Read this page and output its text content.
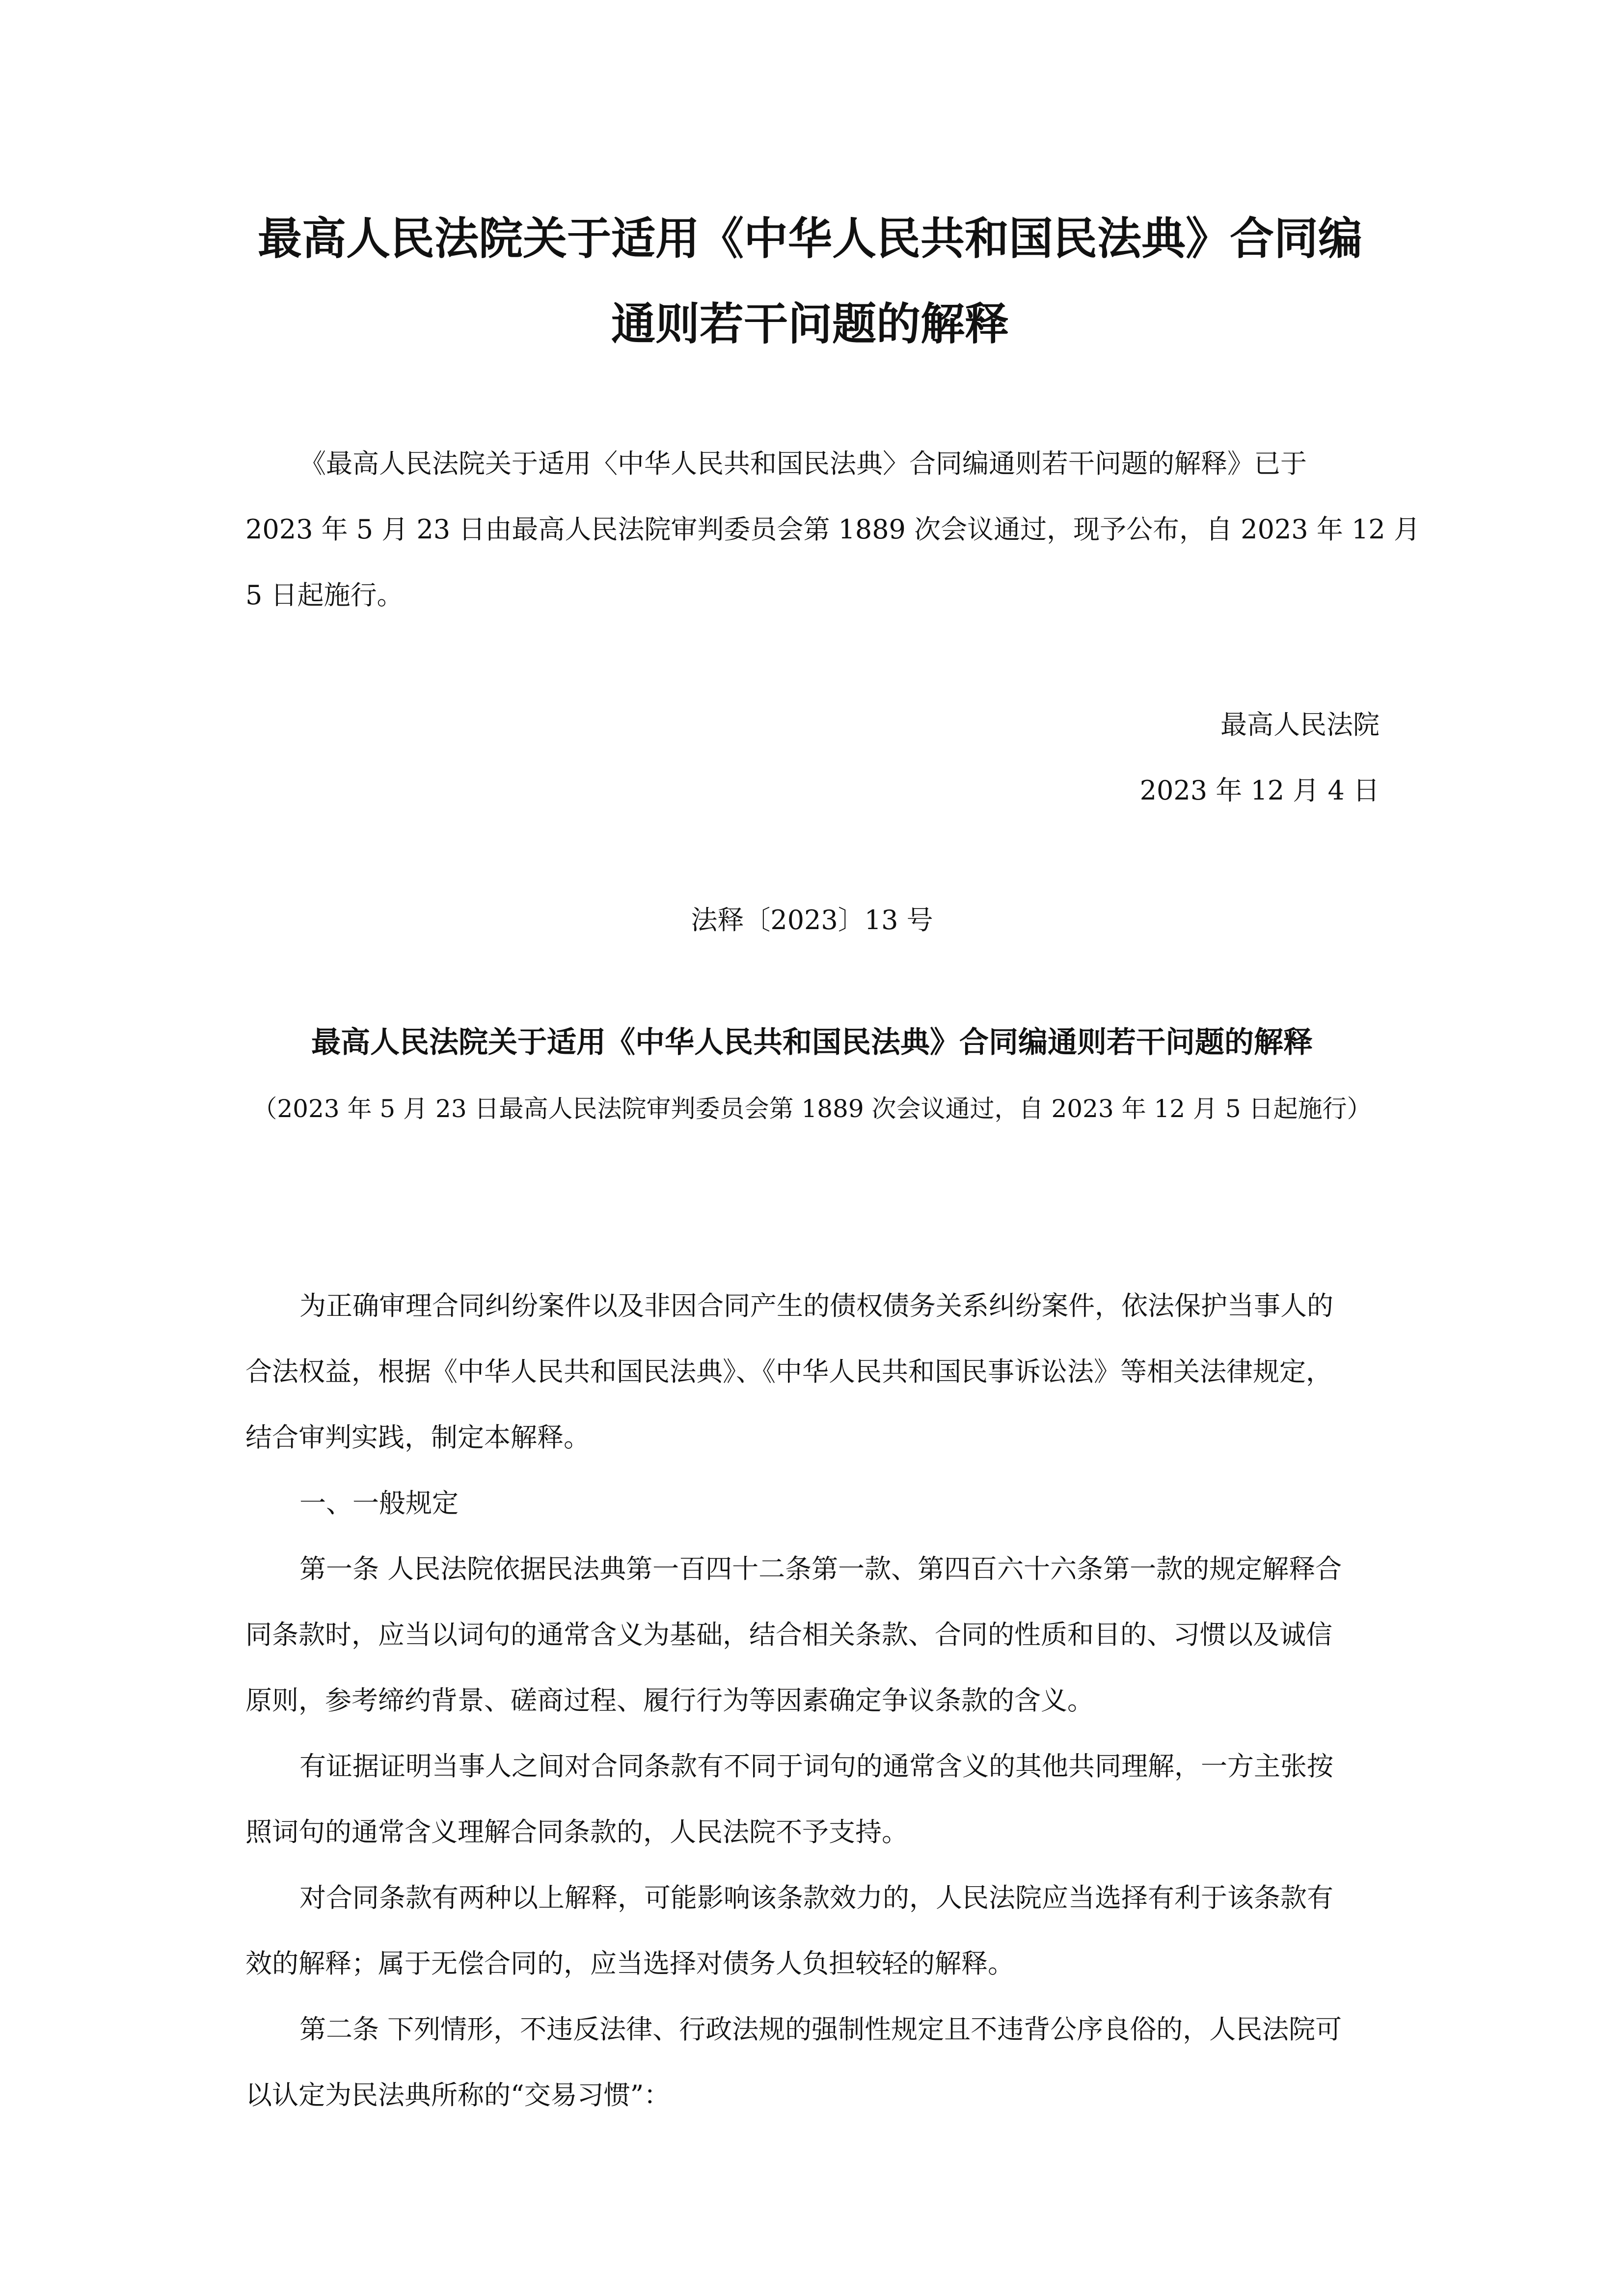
最高人民法院关于适用《中华人民共和国民法典》合同编
通则若干问题的解释
《最高人民法院关于适用〈中华人民共和国民法典〉合同编通则若干问题的解释》已于
2023 年 5 月 23 日由最高人民法院审判委员会第 1889 次会议通过，现予公布，自 2023 年 12 月
5 日起施行。
最高人民法院
2023 年 12 月 4 日
法释〔2023〕13 号
最高人民法院关于适用《中华人民共和国民法典》合同编通则若干问题的解释
（2023 年 5 月 23 日最高人民法院审判委员会第 1889 次会议通过，自 2023 年 12 月 5 日起施行）
为正确审理合同纠纷案件以及非因合同产生的债权债务关系纠纷案件，依法保护当事人的
合法权益，根据《中华人民共和国民法典》、《中华人民共和国民事诉讼法》等相关法律规定，
结合审判实践，制定本解释。
一、一般规定
第一条 人民法院依据民法典第一百四十二条第一款、第四百六十六条第一款的规定解释合
同条款时，应当以词句的通常含义为基础，结合相关条款、合同的性质和目的、习惯以及诚信
原则，参考缔约背景、磋商过程、履行行为等因素确定争议条款的含义。
有证据证明当事人之间对合同条款有不同于词句的通常含义的其他共同理解，一方主张按
照词句的通常含义理解合同条款的，人民法院不予支持。
对合同条款有两种以上解释，可能影响该条款效力的，人民法院应当选择有利于该条款有
效的解释；属于无偿合同的，应当选择对债务人负担较轻的解释。
第二条 下列情形，不违反法律、行政法规的强制性规定且不违背公序良俗的，人民法院可
以认定为民法典所称的“交易习惯”：
